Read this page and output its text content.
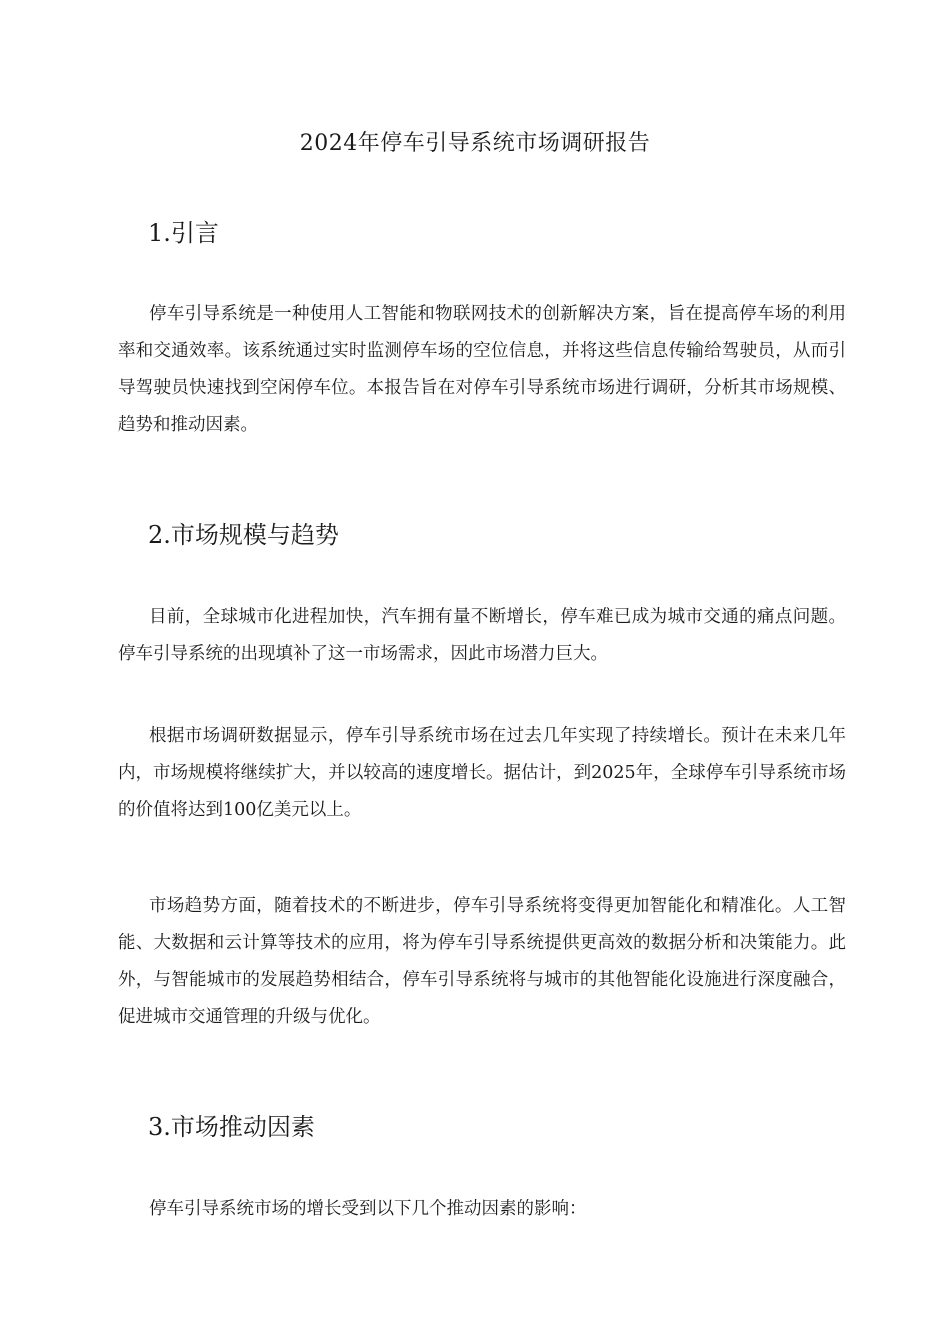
2024年停车引导系统市场调研报告
1.引言

停车引导系统是一种使用人工智能和物联网技术的创新解决方案，旨在提高停车场的利用率和交通效率。该系统通过实时监测停车场的空位信息，并将这些信息传输给驾驶员，从而引导驾驶员快速找到空闲停车位。本报告旨在对停车引导系统市场进行调研，分析其市场规模、趋势和推动因素。

2.市场规模与趋势

目前，全球城市化进程加快，汽车拥有量不断增长，停车难已成为城市交通的痛点问题。停车引导系统的出现填补了这一市场需求，因此市场潜力巨大。

根据市场调研数据显示，停车引导系统市场在过去几年实现了持续增长。预计在未来几年内，市场规模将继续扩大，并以较高的速度增长。据估计，到2025年，全球停车引导系统市场的价值将达到100亿美元以上。

市场趋势方面，随着技术的不断进步，停车引导系统将变得更加智能化和精准化。人工智能、大数据和云计算等技术的应用，将为停车引导系统提供更高效的数据分析和决策能力。此外，与智能城市的发展趋势相结合，停车引导系统将与城市的其他智能化设施进行深度融合，促进城市交通管理的升级与优化。

3.市场推动因素

停车引导系统市场的增长受到以下几个推动因素的影响：
